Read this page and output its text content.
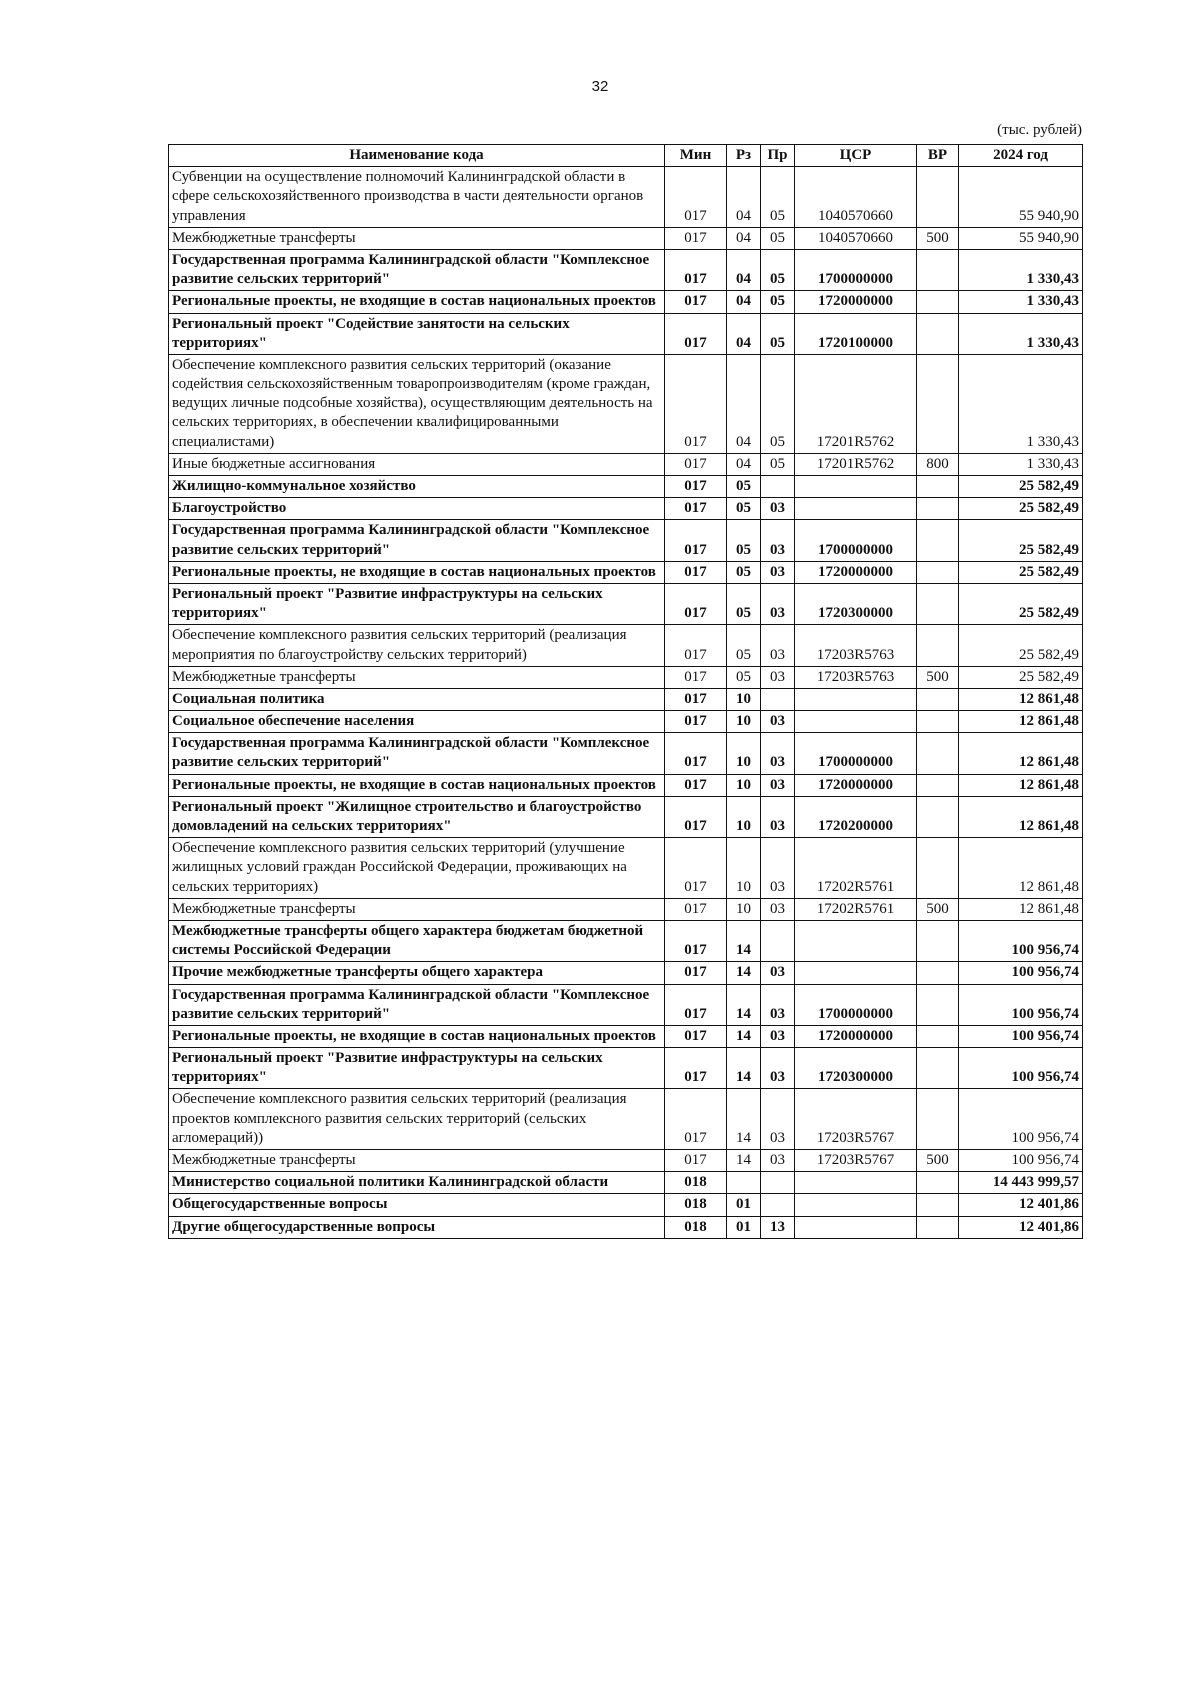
32
(тыс. рублей)
Наименование кода	Мин	Рз	Пр	ЦСР	ВР	2024 год
Субвенции на осуществление полномочий Калининградской области в сфере сельскохозяйственного производства в части деятельности органов управления	017	04	05	1040570660		55 940,90
Межбюджетные трансферты	017	04	05	1040570660	500	55 940,90
Государственная программа Калининградской области "Комплексное развитие сельских территорий"	017	04	05	1700000000		1 330,43
Региональные проекты, не входящие в состав национальных проектов	017	04	05	1720000000		1 330,43
Региональный проект "Содействие занятости на сельских территориях"	017	04	05	1720100000		1 330,43
Обеспечение комплексного развития сельских территорий (оказание содействия сельскохозяйственным товаропроизводителям (кроме граждан, ведущих личные подсобные хозяйства), осуществляющим деятельность на сельских территориях, в обеспечении квалифицированными специалистами)	017	04	05	17201R5762		1 330,43
Иные бюджетные ассигнования	017	04	05	17201R5762	800	1 330,43
Жилищно-коммунальное хозяйство	017	05				25 582,49
Благоустройство	017	05	03			25 582,49
Государственная программа Калининградской области "Комплексное развитие сельских территорий"	017	05	03	1700000000		25 582,49
Региональные проекты, не входящие в состав национальных проектов	017	05	03	1720000000		25 582,49
Региональный проект "Развитие инфраструктуры на сельских территориях"	017	05	03	1720300000		25 582,49
Обеспечение комплексного развития сельских территорий (реализация мероприятия по благоустройству сельских территорий)	017	05	03	17203R5763		25 582,49
Межбюджетные трансферты	017	05	03	17203R5763	500	25 582,49
Социальная политика	017	10				12 861,48
Социальное обеспечение населения	017	10	03			12 861,48
Государственная программа Калининградской области "Комплексное развитие сельских территорий"	017	10	03	1700000000		12 861,48
Региональные проекты, не входящие в состав национальных проектов	017	10	03	1720000000		12 861,48
Региональный проект "Жилищное строительство и благоустройство домовладений на сельских территориях"	017	10	03	1720200000		12 861,48
Обеспечение комплексного развития сельских территорий (улучшение жилищных условий граждан Российской Федерации, проживающих на сельских территориях)	017	10	03	17202R5761		12 861,48
Межбюджетные трансферты	017	10	03	17202R5761	500	12 861,48
Межбюджетные трансферты общего характера бюджетам бюджетной системы Российской Федерации	017	14				100 956,74
Прочие межбюджетные трансферты общего характера	017	14	03			100 956,74
Государственная программа Калининградской области "Комплексное развитие сельских территорий"	017	14	03	1700000000		100 956,74
Региональные проекты, не входящие в состав национальных проектов	017	14	03	1720000000		100 956,74
Региональный проект "Развитие инфраструктуры на сельских территориях"	017	14	03	1720300000		100 956,74
Обеспечение комплексного развития сельских территорий (реализация проектов комплексного развития сельских территорий (сельских агломераций))	017	14	03	17203R5767		100 956,74
Межбюджетные трансферты	017	14	03	17203R5767	500	100 956,74
Министерство социальной политики Калининградской области	018					14 443 999,57
Общегосударственные вопросы	018	01				12 401,86
Другие общегосударственные вопросы	018	01	13			12 401,86
